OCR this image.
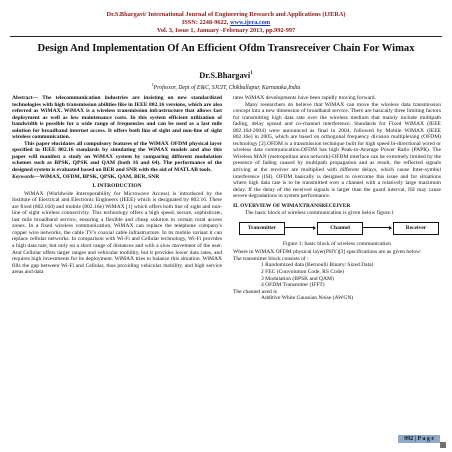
Dr.S.Bhargavi/ International Journal of Engineering Research and Applications (IJERA)
ISSN: 2248-9622, www.ijera.com
Vol. 3, Issue 1, January -February 2013, pp.992-997
Design And Implementation Of An Efficient Ofdm Transreceiver Chain For Wimax
Dr.S.Bhargavi$^1$
$^1$Professor, Dept of E&C, SJCIT, Chikballapur, Karnataka,India

Abstract— The telecommunication industries are insisting on new standardized technologies with high transmission abilities like in IEEE 802.16 versions, which are also referred as WiMAX. WiMAX is a wireless transmission infrastructure that allows fast deployment as well as low maintenance costs. In this system efficient utilization of bandwidth is possible for a wide range of frequencies and can be used as a last mile solution for broadband internet access. It offers both line of sight and non-line of sight wireless communication.

This paper elucidates all compulsory features of the WiMAX OFDM physical layer specified in IEEE 802.16 standards by simulating the WiMAX models and also this paper will manifest a study on WiMAX system by comparing different modulation schemes such as BPSK, QPSK and QAM (both 16 and 64). The performance of the designed system is evaluated based on BER and SNR with the aid of MATLAB tools.

Keywords—WiMAX, OFDM, BPSK, QPSK, QAM, BER, SNR

I. INTRODUCTION

WiMAX (Worldwide Interoperability for Microwave Access) is introduced by the Institute of Electrical and Electronic Engineers (IEEE) which is designated by 802.16. There are fixed (802.16d) and mobile (802.16e) WiMAX [1] which offers both line of sight and non-line of sight wireless connectivity. This technology offers a high speed, secure, sophisticate, last mile broadband service, ensuring a flexible and cheap solution to certain rural access zones. In a fixed wireless communication, WiMAX can replace the telephone company's copper wire networks, the cable TV's coaxial cable infrastructure. In its mobile variant it can replace cellular networks. In comparison with Wi-Fi and Cellular technology, Wi-Fi provides a high data rate, but only on a short range of distances and with a slow movement of the user. And Cellular offers larger ranges and vehicular mobility, but it provides lower data rates, and requires high investments for its deployment. WiMAX tries to balance this situation. WiMAX fills the gap between Wi-Fi and Cellular, thus providing vehicular mobility, and high service areas and data

rates WiMAX developments have been rapidly moving forward.

Many researchers do believe that WiMAX can move the wireless data transmission concept into a new dimension of broadband service. There are basically three limiting factors for transmitting high data rate over the wireless medium that mainly include multipath fading, delay spread and co-channel interference. Standards for Fixed WiMAX (IEEE 802.16d-2004) were announced as final in 2004, followed by Mobile WiMAX (IEEE 802.16e) in 2005, which are based on orthogonal frequency division multiplexing (OFDM) technology [2].OFDM is a transmission technique built for high speed bi-directional wired or wireless data communication.OFDM has high Peak-to-Average Power Ratio (PAPR). The Wireless MAN (metropolitan area network)-OFDM interface can be extremely limited by the presence of fading caused by multipath propagation and as result, the reflected signals arriving at the receiver are multiplied with different delays, which cause Inter-symbol interference (ISI). OFDM basically is designed to overcome this issue and for situations where high data rate is to be transmitted over a channel with a relatively large maximum delay. If the delay of the received signals is larger than the guard interval, ISI may cause severe degradations in system performance.

II. OVERVIEW OF WIMAXTRANSRECEIVER

The basic block of wireless communication is given below figure.1

Transmitter	Channel	Receiver

Figure 1: basic block of wireless communication

Where in WiMAX OFDM physical layer(PHY)[3] specifications are as given below:

The transmitter block consists of :

1 Randomized data (Bernoulli Binary/ Sized Data)

2 FEC (Convolution Code, RS Code)

3 Modulation (BPSK and QAM)

4 OFDM Transmitter (IFFT)

The channel used is

Additive White Gaussian Noise (AWGN)

992 | P a g e
